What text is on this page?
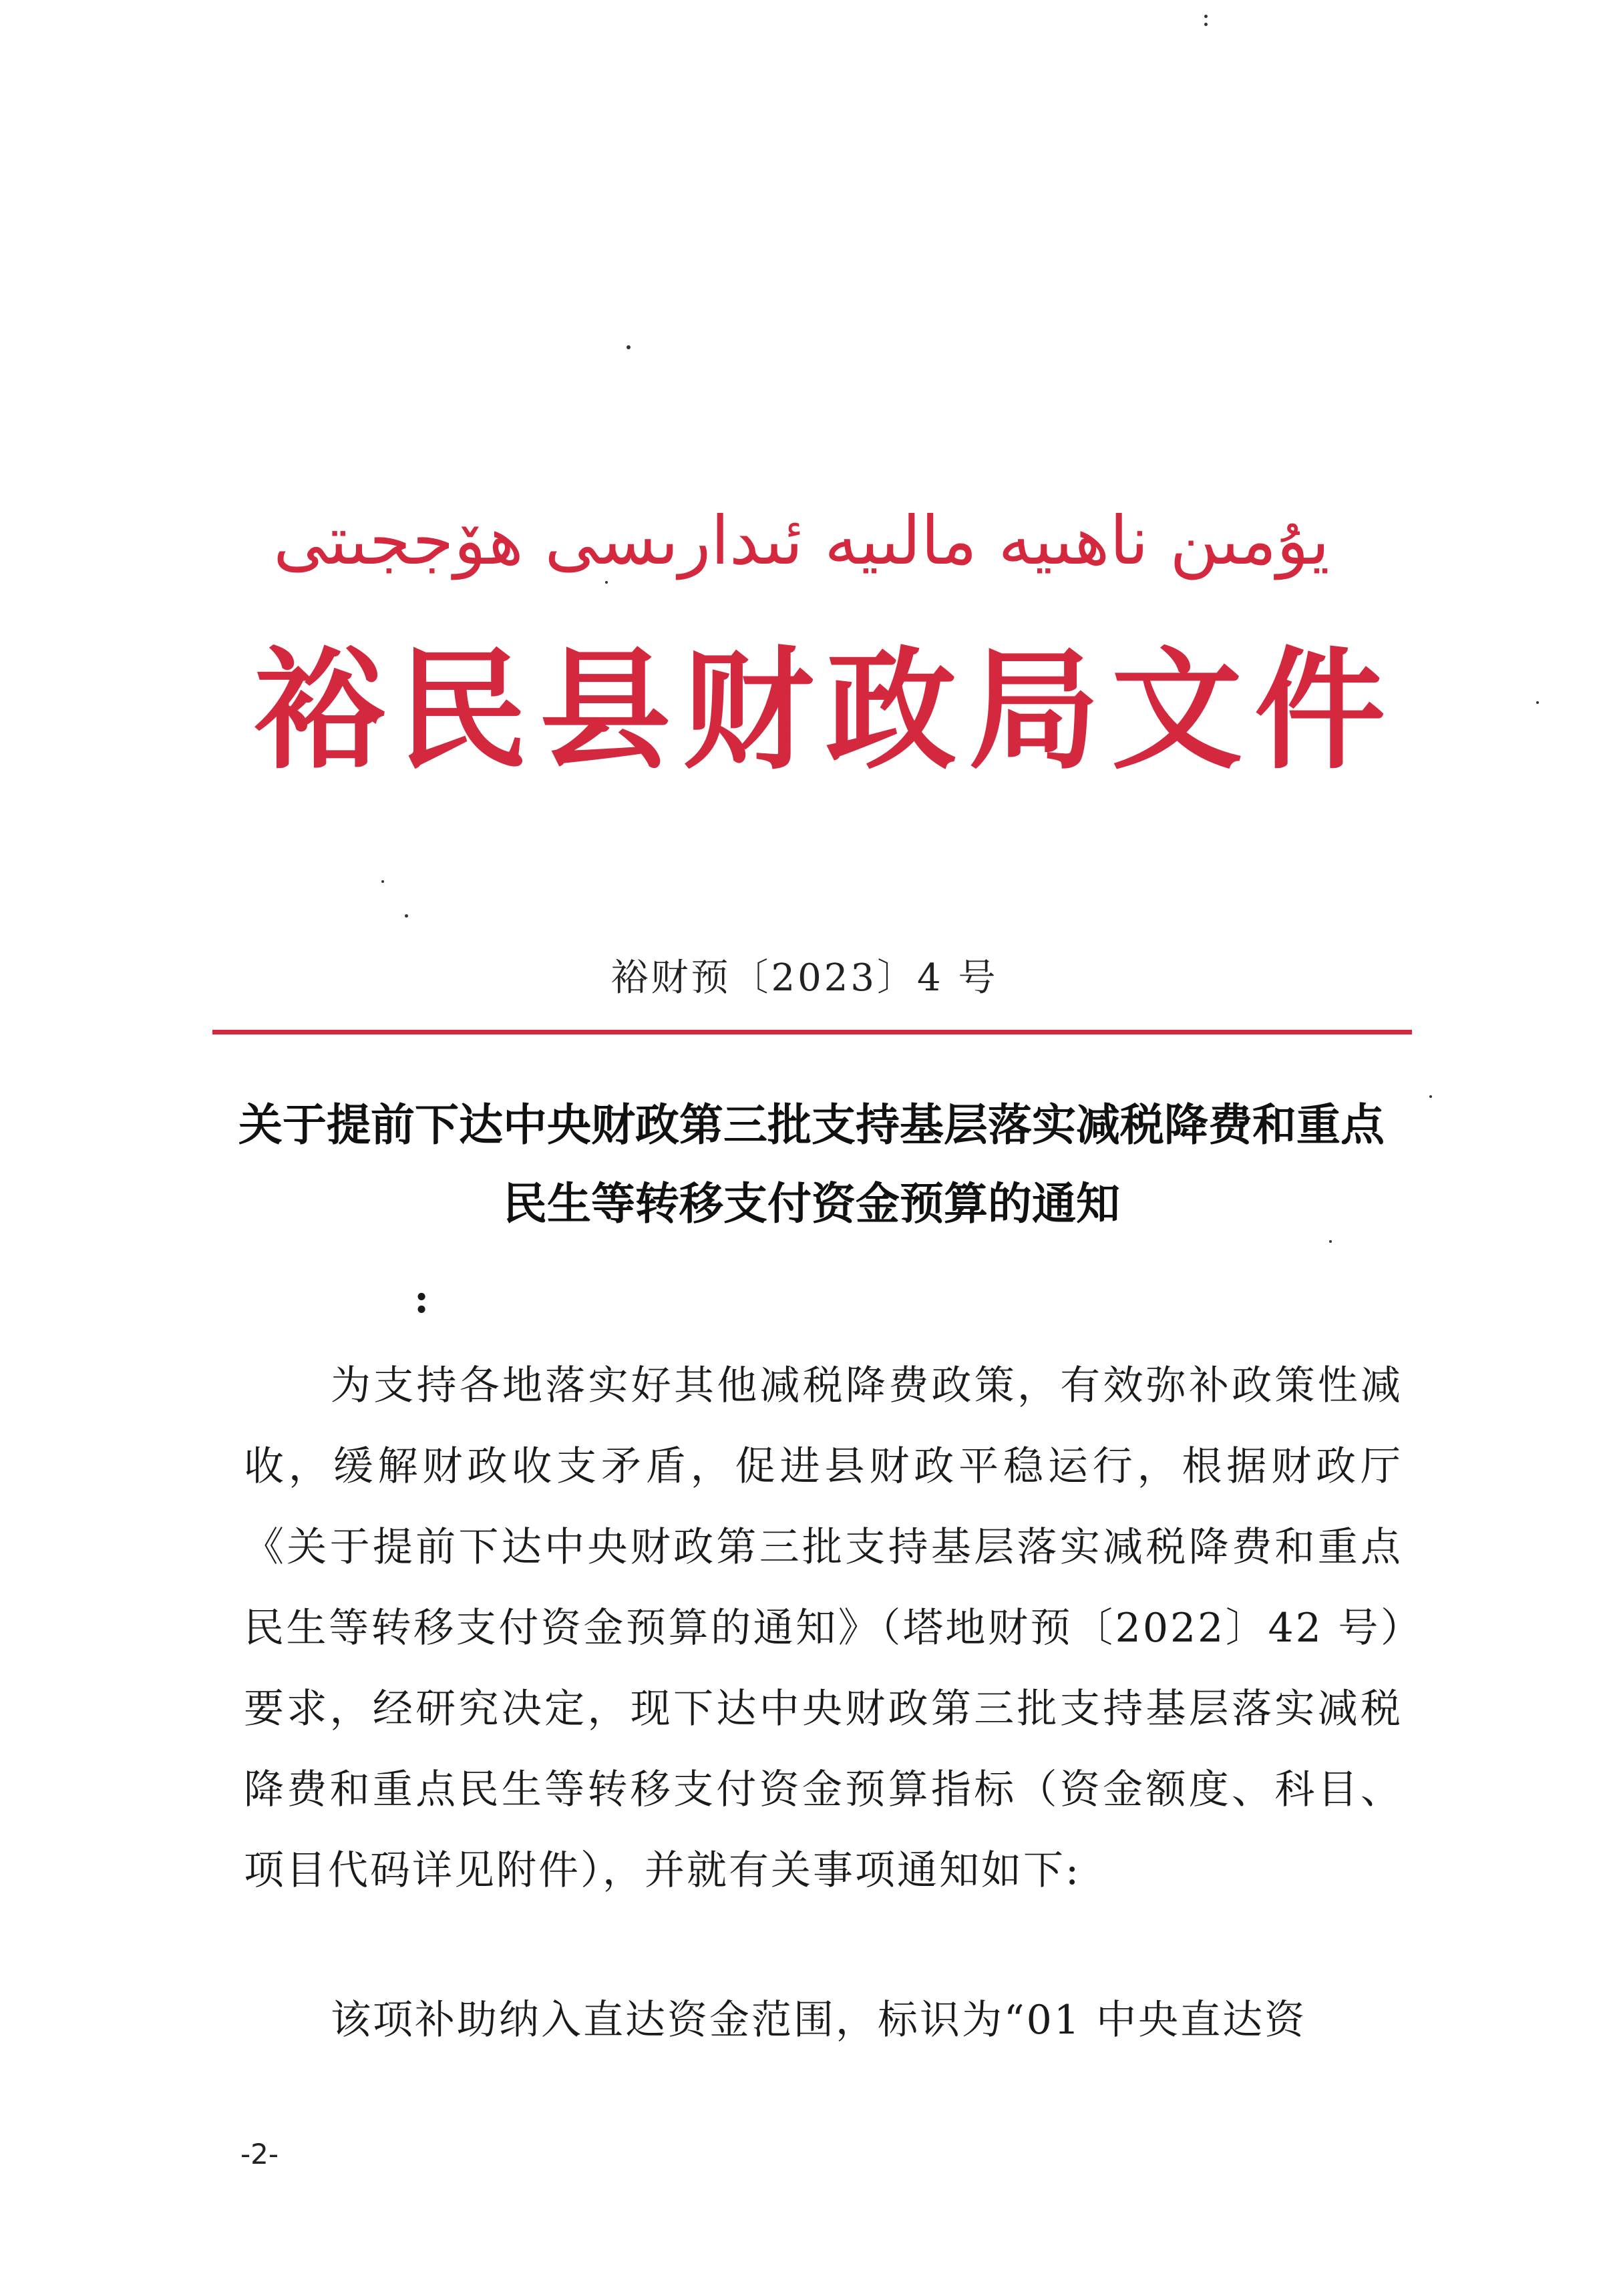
ﻳﯘﻣﯩﻦ ﻧﺎﮬﯩﻴﻪ ﻣﺎﻟﯩﻴﻪ ﺋﯩﺪﺍﺭﯨﺴﻰ ﮬﯚﺟﺠﯩﺘﻰ
裕民县财政局文件
裕财预〔2023〕4 号
关于提前下达中央财政第三批支持基层落实减税降费和重点民生等转移支付资金预算的通知
:

为支持各地落实好其他减税降费政策，有效弥补政策性减收，缓解财政收支矛盾，促进县财政平稳运行，根据财政厅《关于提前下达中央财政第三批支持基层落实减税降费和重点民生等转移支付资金预算的通知》（塔地财预〔2022〕42 号）要求，经研究决定，现下达中央财政第三批支持基层落实减税降费和重点民生等转移支付资金预算指标（资金额度、科目、项目代码详见附件），并就有关事项通知如下:

该项补助纳入直达资金范围，标识为“01 中央直达资

-2-
